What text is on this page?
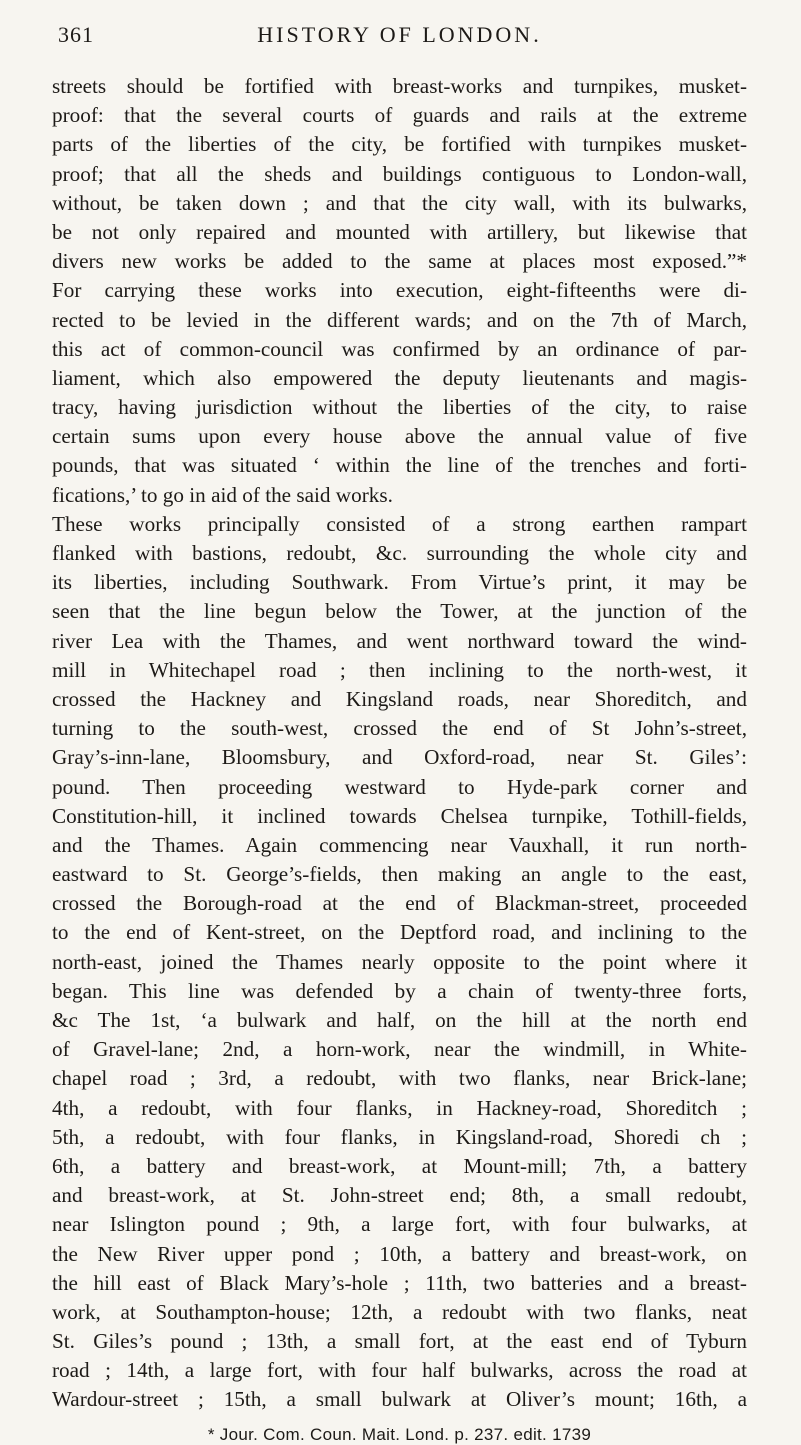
361	HISTORY OF LONDON.
streets should be fortified with breast-works and turnpikes, musket-
proof: that the several courts of guards and rails at the extreme
parts of the liberties of the city, be fortified with turnpikes musket-
proof; that all the sheds and buildings contiguous to London-wall,
without, be taken down ; and that the city wall, with its bulwarks,
be not only repaired and mounted with artillery, but likewise that
divers new works be added to the same at places most exposed.”*
For carrying these works into execution, eight-fifteenths were di-
rected to be levied in the different wards; and on the 7th of March,
this act of common-council was confirmed by an ordinance of par-
liament, which also empowered the deputy lieutenants and magis-
tracy, having jurisdiction without the liberties of the city, to raise
certain sums upon every house above the annual value of five
pounds, that was situated ‘ within the line of the trenches and forti-
fications,’ to go in aid of the said works.
These works principally consisted of a strong earthen rampart
flanked with bastions, redoubt, &c. surrounding the whole city and
its liberties, including Southwark. From Virtue’s print, it may be
seen that the line begun below the Tower, at the junction of the
river Lea with the Thames, and went northward toward the wind-
mill in Whitechapel road ; then inclining to the north-west, it
crossed the Hackney and Kingsland roads, near Shoreditch, and
turning to the south-west, crossed the end of St John’s-street,
Gray’s-inn-lane, Bloomsbury, and Oxford-road, near St. Giles’:
pound. Then proceeding westward to Hyde-park corner and
Constitution-hill, it inclined towards Chelsea turnpike, Tothill-fields,
and the Thames. Again commencing near Vauxhall, it run north-
eastward to St. George’s-fields, then making an angle to the east,
crossed the Borough-road at the end of Blackman-street, proceeded
to the end of Kent-street, on the Deptford road, and inclining to the
north-east, joined the Thames nearly opposite to the point where it
began. This line was defended by a chain of twenty-three forts,
&c The 1st, ‘a bulwark and half, on the hill at the north end
of Gravel-lane; 2nd, a horn-work, near the windmill, in White-
chapel road ; 3rd, a redoubt, with two flanks, near Brick-lane;
4th, a redoubt, with four flanks, in Hackney-road, Shoreditch ;
5th, a redoubt, with four flanks, in Kingsland-road, Shoredi ch ;
6th, a battery and breast-work, at Mount-mill; 7th, a battery
and breast-work, at St. John-street end; 8th, a small redoubt,
near Islington pound ; 9th, a large fort, with four bulwarks, at
the New River upper pond ; 10th, a battery and breast-work, on
the hill east of Black Mary’s-hole ; 11th, two batteries and a breast-
work, at Southampton-house; 12th, a redoubt with two flanks, neat
St. Giles’s pound ; 13th, a small fort, at the east end of Tyburn
road ; 14th, a large fort, with four half bulwarks, across the road at
Wardour-street ; 15th, a small bulwark at Oliver’s mount; 16th, a
* Jour. Com. Coun. Mait. Lond. p. 237. edit. 1739
